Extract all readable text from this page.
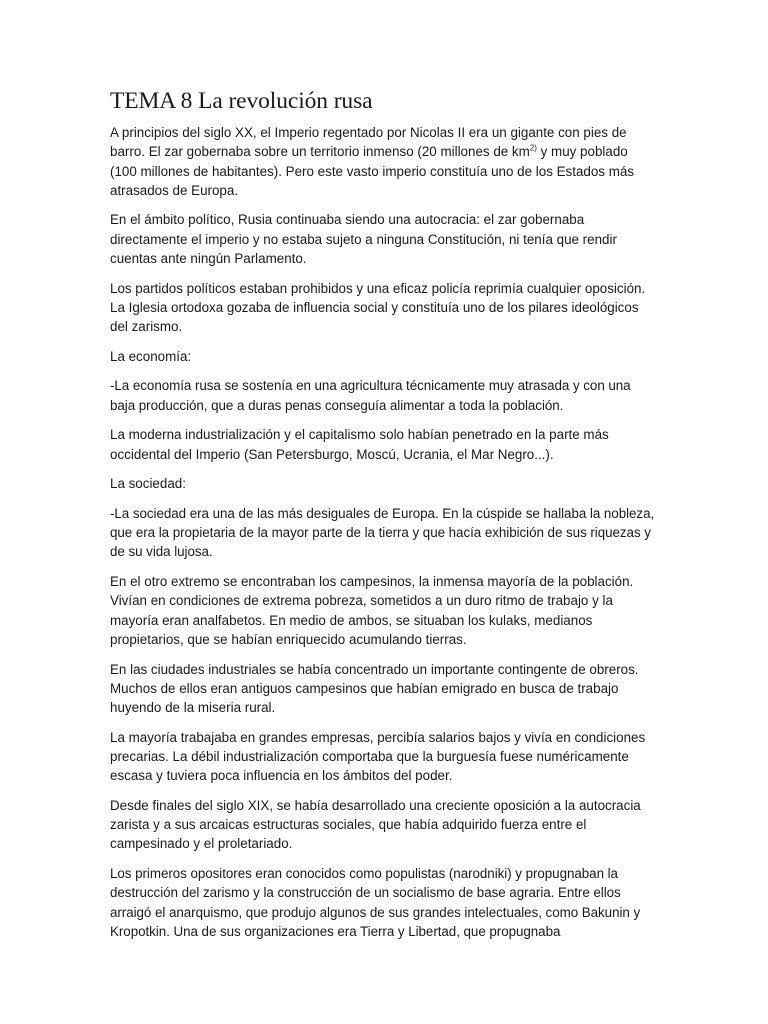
TEMA 8 La revolución rusa

A principios del siglo XX, el Imperio regentado por Nicolas II era un gigante con pies de barro. El zar gobernaba sobre un territorio inmenso (20 millones de $km^{2)}$ y muy poblado (100 millones de habitantes). Pero este vasto imperio constituía uno de los Estados más atrasados de Europa.

En el ámbito político, Rusia continuaba siendo una autocracia: el zar gobernaba directamente el imperio y no estaba sujeto a ninguna Constitución, ni tenía que rendir cuentas ante ningún Parlamento.

Los partidos políticos estaban prohibidos y una eficaz policía reprimía cualquier oposición. La Iglesia ortodoxa gozaba de influencia social y constituía uno de los pilares ideológicos del zarismo.

La economía:

-La economía rusa se sostenía en una agricultura técnicamente muy atrasada y con una baja producción, que a duras penas conseguía alimentar a toda la población.

La moderna industrialización y el capitalismo solo habían penetrado en la parte más occidental del Imperio (San Petersburgo, Moscú, Ucrania, el Mar Negro...).

La sociedad:

-La sociedad era una de las más desiguales de Europa. En la cúspide se hallaba la nobleza, que era la propietaria de la mayor parte de la tierra y que hacía exhibición de sus riquezas y de su vida lujosa.

En el otro extremo se encontraban los campesinos, la inmensa mayoría de la población. Vivían en condiciones de extrema pobreza, sometidos a un duro ritmo de trabajo y la mayoría eran analfabetos. En medio de ambos, se situaban los kulaks, medianos propietarios, que se habían enriquecido acumulando tierras.

En las ciudades industriales se había concentrado un importante contingente de obreros. Muchos de ellos eran antiguos campesinos que habían emigrado en busca de trabajo huyendo de la miseria rural.

La mayoría trabajaba en grandes empresas, percibía salarios bajos y vivía en condiciones precarias. La débil industrialización comportaba que la burguesía fuese numéricamente escasa y tuviera poca influencia en los ámbitos del poder.

Desde finales del siglo XIX, se había desarrollado una creciente oposición a la autocracia zarista y a sus arcaicas estructuras sociales, que había adquirido fuerza entre el campesinado y el proletariado.

Los primeros opositores eran conocidos como populistas (narodniki) y propugnaban la destrucción del zarismo y la construcción de un socialismo de base agraria. Entre ellos arraigó el anarquismo, que produjo algunos de sus grandes intelectuales, como Bakunin y Kropotkin. Una de sus organizaciones era Tierra y Libertad, que propugnaba
